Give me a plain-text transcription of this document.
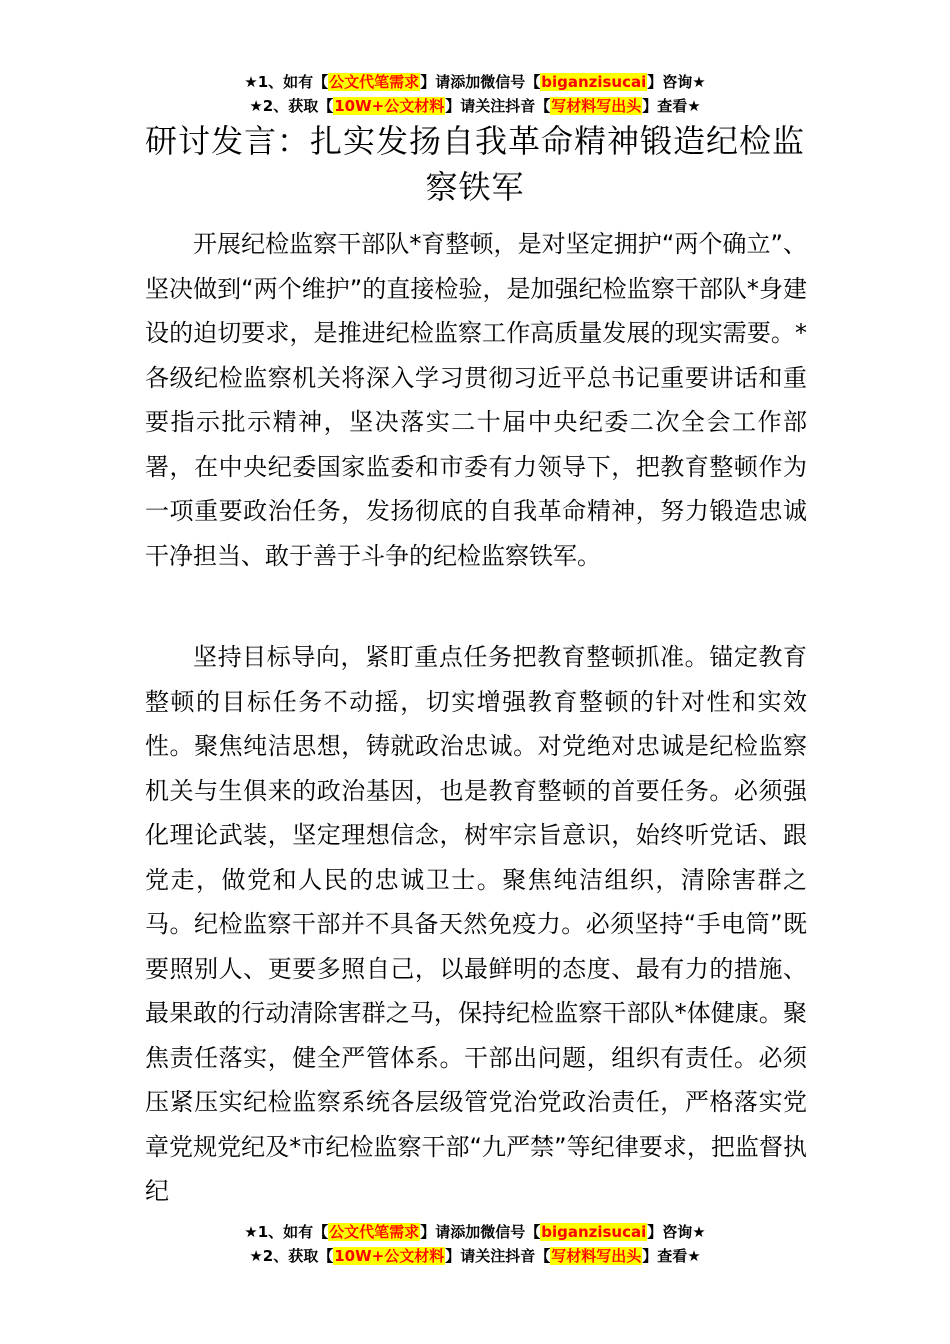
★1、如有【公文代笔需求】请添加微信号【biganzisucai】咨询★
★2、获取【10W+公文材料】请关注抖音【写材料写出头】查看★
研讨发言：扎实发扬自我革命精神锻造纪检监察铁军

开展纪检监察干部队*育整顿，是对坚定拥护“两个确立”、坚决做到“两个维护”的直接检验，是加强纪检监察干部队*身建设的迫切要求，是推进纪检监察工作高质量发展的现实需要。*各级纪检监察机关将深入学习贯彻习近平总书记重要讲话和重要指示批示精神，坚决落实二十届中央纪委二次全会工作部署，在中央纪委国家监委和市委有力领导下，把教育整顿作为一项重要政治任务，发扬彻底的自我革命精神，努力锻造忠诚干净担当、敢于善于斗争的纪检监察铁军。

坚持目标导向，紧盯重点任务把教育整顿抓准。锚定教育整顿的目标任务不动摇，切实增强教育整顿的针对性和实效性。聚焦纯洁思想，铸就政治忠诚。对党绝对忠诚是纪检监察机关与生俱来的政治基因，也是教育整顿的首要任务。必须强化理论武装，坚定理想信念，树牢宗旨意识，始终听党话、跟党走，做党和人民的忠诚卫士。聚焦纯洁组织，清除害群之马。纪检监察干部并不具备天然免疫力。必须坚持“手电筒”既要照别人、更要多照自己，以最鲜明的态度、最有力的措施、最果敢的行动清除害群之马，保持纪检监察干部队*体健康。聚焦责任落实，健全严管体系。干部出问题，组织有责任。必须压紧压实纪检监察系统各层级管党治党政治责任，严格落实党章党规党纪及*市纪检监察干部“九严禁”等纪律要求，把监督执纪

★1、如有【公文代笔需求】请添加微信号【biganzisucai】咨询★
★2、获取【10W+公文材料】请关注抖音【写材料写出头】查看★
